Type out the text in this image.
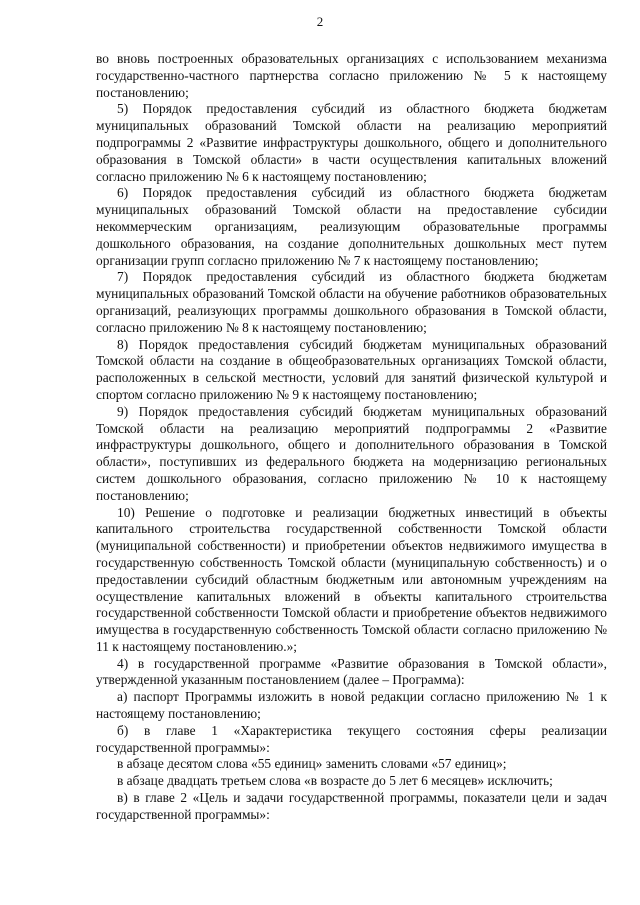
2

во вновь построенных образовательных организациях с использованием механизма государственно-частного партнерства согласно приложению № 5 к настоящему постановлению;

5) Порядок предоставления субсидий из областного бюджета бюджетам муниципальных образований Томской области на реализацию мероприятий подпрограммы 2 «Развитие инфраструктуры дошкольного, общего и дополнительного образования в Томской области» в части осуществления капитальных вложений согласно приложению № 6 к настоящему постановлению;

6) Порядок предоставления субсидий из областного бюджета бюджетам муниципальных образований Томской области на предоставление субсидии некоммерческим организациям, реализующим образовательные программы дошкольного образования, на создание дополнительных дошкольных мест путем организации групп согласно приложению № 7 к настоящему постановлению;

7) Порядок предоставления субсидий из областного бюджета бюджетам муниципальных образований Томской области на обучение работников образовательных организаций, реализующих программы дошкольного образования в Томской области, согласно приложению № 8 к настоящему постановлению;

8) Порядок предоставления субсидий бюджетам муниципальных образований Томской области на создание в общеобразовательных организациях Томской области, расположенных в сельской местности, условий для занятий физической культурой и спортом согласно приложению № 9 к настоящему постановлению;

9) Порядок предоставления субсидий бюджетам муниципальных образований Томской области на реализацию мероприятий подпрограммы 2 «Развитие инфраструктуры дошкольного, общего и дополнительного образования в Томской области», поступивших из федерального бюджета на модернизацию региональных систем дошкольного образования, согласно приложению № 10 к настоящему постановлению;

10) Решение о подготовке и реализации бюджетных инвестиций в объекты капитального строительства государственной собственности Томской области (муниципальной собственности) и приобретении объектов недвижимого имущества в государственную собственность Томской области (муниципальную собственность) и о предоставлении субсидий областным бюджетным или автономным учреждениям на осуществление капитальных вложений в объекты капитального строительства государственной собственности Томской области и приобретение объектов недвижимого имущества в государственную собственность Томской области согласно приложению № 11 к настоящему постановлению.»;

4) в государственной программе «Развитие образования в Томской области», утвержденной указанным постановлением (далее – Программа):

а) паспорт Программы изложить в новой редакции согласно приложению № 1 к настоящему постановлению;

б) в главе 1 «Характеристика текущего состояния сферы реализации государственной программы»:

в абзаце десятом слова «55 единиц» заменить словами «57 единиц»;

в абзаце двадцать третьем слова «в возрасте до 5 лет 6 месяцев» исключить;

в) в главе 2 «Цель и задачи государственной программы, показатели цели и задач государственной программы»:
